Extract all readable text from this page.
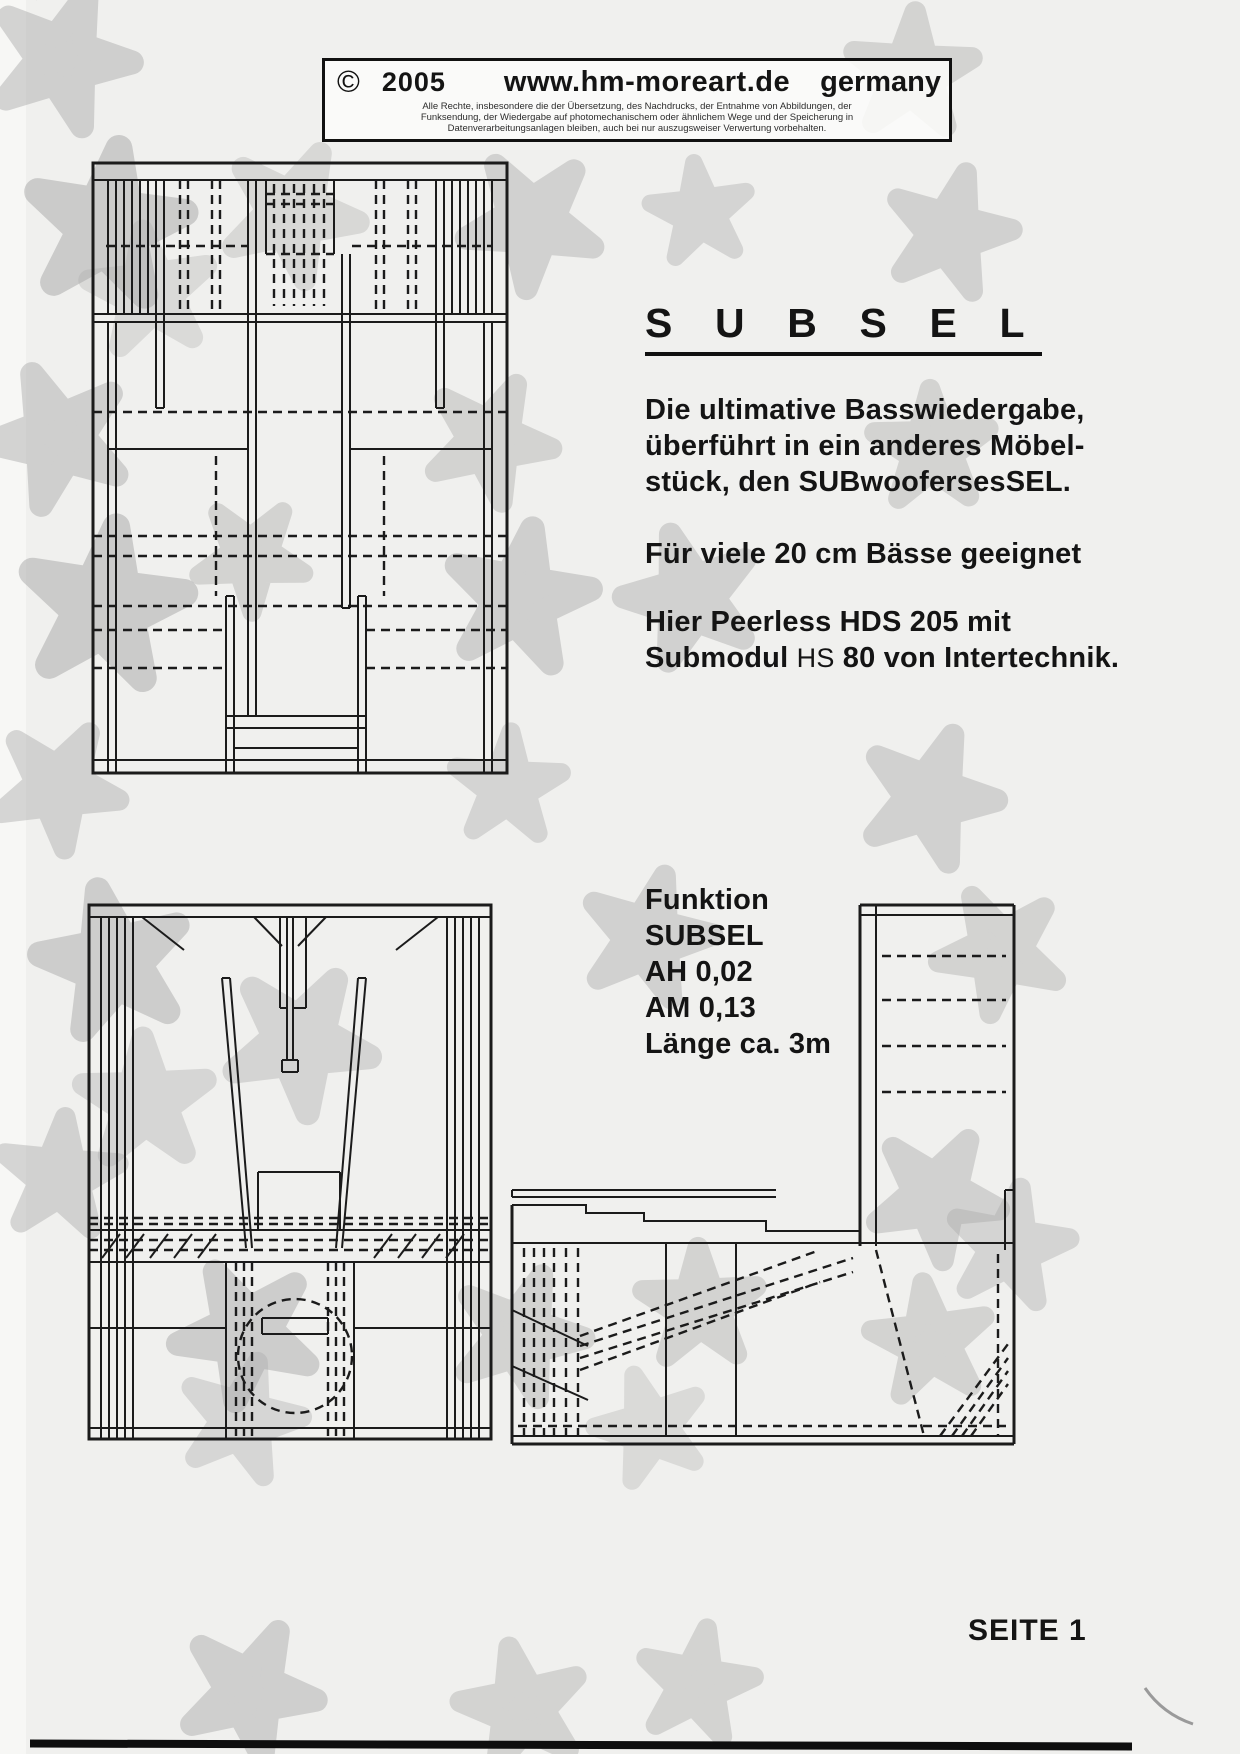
© 2005 www.hm-moreart.de germany
Alle Rechte, insbesondere die der Übersetzung, des Nachdrucks, der Entnahme von Abbildungen, der
Funksendung, der Wiedergabe auf photomechanischem oder ähnlichem Wege und der Speicherung in
Datenverarbeitungsanlagen bleiben, auch bei nur auszugsweiser Verwertung vorbehalten.
S U B S E L
Die ultimative Basswiedergabe,
überführt in ein anderes Möbel-
stück, den SUBwoofersesSEL.
Für viele 20 cm Bässe geeignet
Hier Peerless HDS 205 mit
Submodul HS 80 von Intertechnik.
Funktion
SUBSEL
AH 0,02
AM 0,13
Länge ca. 3m
SEITE 1
